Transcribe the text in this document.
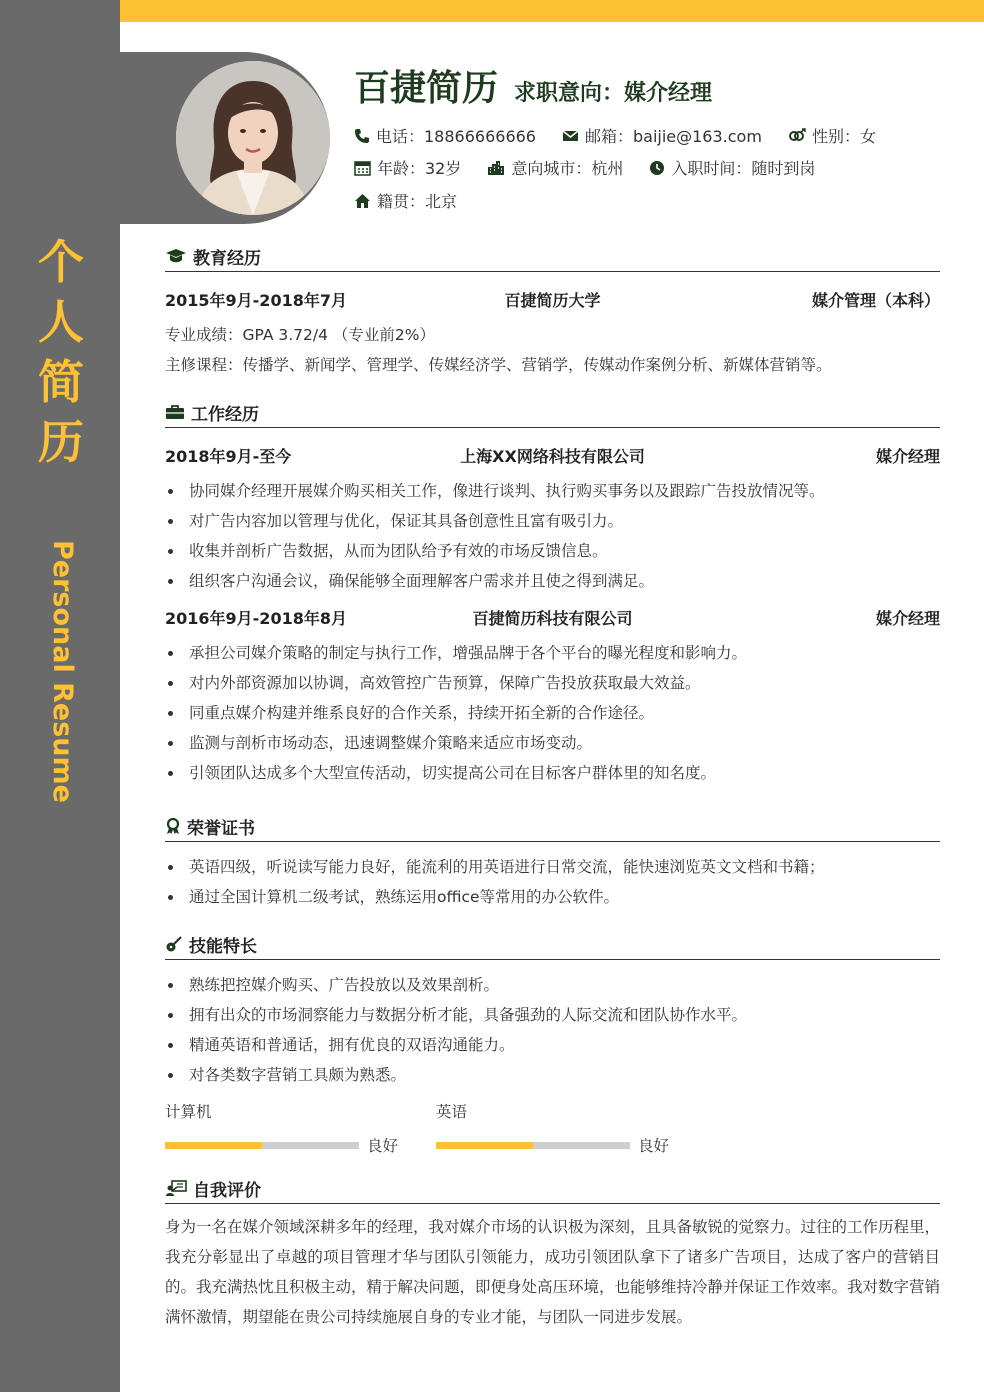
个
人
简
历
Personal Resume
百捷简历 求职意向：媒介经理
电话：18866666666	邮箱：baijie@163.com	性别：女
年龄：32岁	意向城市：杭州	入职时间：随时到岗
籍贯：北京
教育经历
2015年9月-2018年7月	百捷简历大学	媒介管理（本科）
专业成绩：GPA 3.72/4 （专业前2%）
主修课程：传播学、新闻学、管理学、传媒经济学、营销学，传媒动作案例分析、新媒体营销等。
工作经历
2018年9月-至今	上海XX网络科技有限公司	媒介经理
协同媒介经理开展媒介购买相关工作，像进行谈判、执行购买事务以及跟踪广告投放情况等。
对广告内容加以管理与优化，保证其具备创意性且富有吸引力。
收集并剖析广告数据，从而为团队给予有效的市场反馈信息。
组织客户沟通会议，确保能够全面理解客户需求并且使之得到满足。
2016年9月-2018年8月	百捷简历科技有限公司	媒介经理
承担公司媒介策略的制定与执行工作，增强品牌于各个平台的曝光程度和影响力。
对内外部资源加以协调，高效管控广告预算，保障广告投放获取最大效益。
同重点媒介构建并维系良好的合作关系，持续开拓全新的合作途径。
监测与剖析市场动态，迅速调整媒介策略来适应市场变动。
引领团队达成多个大型宣传活动，切实提高公司在目标客户群体里的知名度。
荣誉证书
英语四级，听说读写能力良好，能流利的用英语进行日常交流，能快速浏览英文文档和书籍；
通过全国计算机二级考试，熟练运用office等常用的办公软件。
技能特长
熟练把控媒介购买、广告投放以及效果剖析。
拥有出众的市场洞察能力与数据分析才能，具备强劲的人际交流和团队协作水平。
精通英语和普通话，拥有优良的双语沟通能力。
对各类数字营销工具颇为熟悉。
计算机
良好
英语
良好
自我评价
身为一名在媒介领域深耕多年的经理，我对媒介市场的认识极为深刻，且具备敏锐的觉察力。过往的工作历程里，我充分彰显出了卓越的项目管理才华与团队引领能力，成功引领团队拿下了诸多广告项目，达成了客户的营销目的。我充满热忱且积极主动，精于解决问题，即便身处高压环境，也能够维持冷静并保证工作效率。我对数字营销满怀激情，期望能在贵公司持续施展自身的专业才能，与团队一同进步发展。
